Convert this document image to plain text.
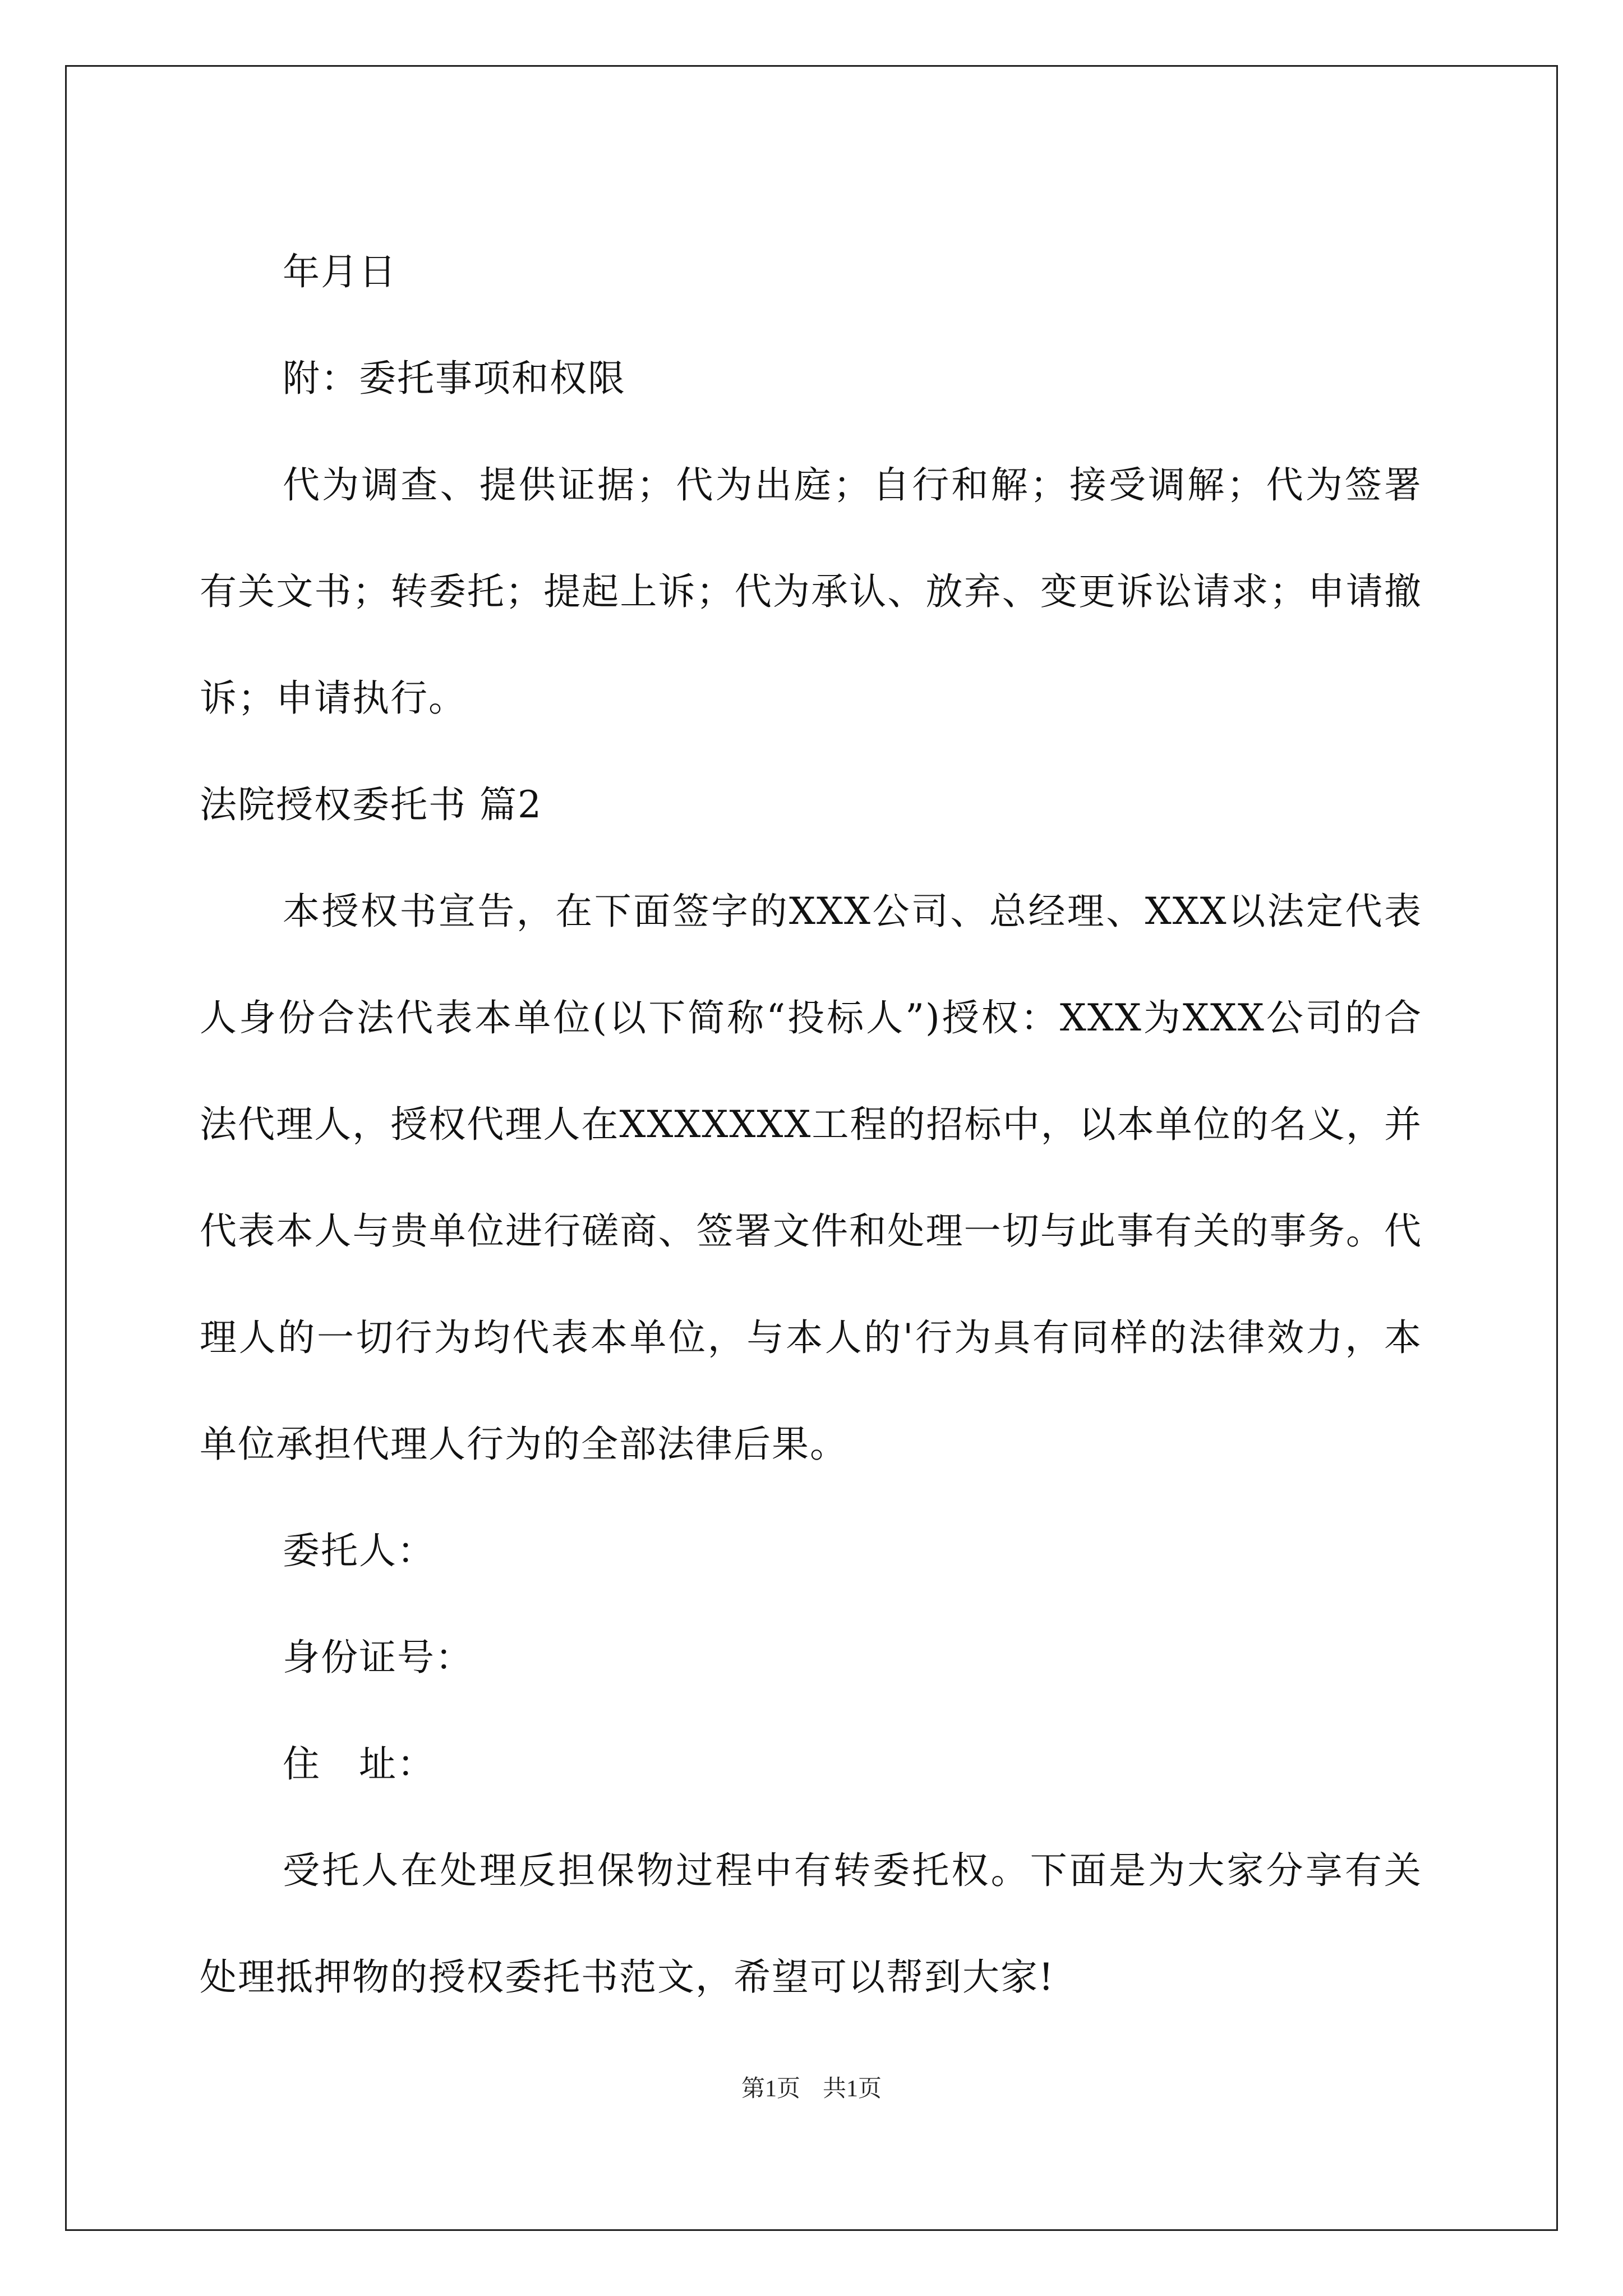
年月日

附：委托事项和权限

代为调查、提供证据；代为出庭；自行和解；接受调解；代为签署有关文书；转委托；提起上诉；代为承认、放弃、变更诉讼请求；申请撤诉；申请执行。

法院授权委托书 篇2

本授权书宣告，在下面签字的XXX公司、总经理、XXX以法定代表人身份合法代表本单位(以下简称“投标人”)授权：XXX为XXX公司的合法代理人，授权代理人在XXXXXXX工程的招标中，以本单位的名义，并代表本人与贵单位进行磋商、签署文件和处理一切与此事有关的事务。代理人的一切行为均代表本单位，与本人的'行为具有同样的法律效力，本单位承担代理人行为的全部法律后果。

委托人：

身份证号：

住　址：

受托人在处理反担保物过程中有转委托权。下面是为大家分享有关处理抵押物的授权委托书范文，希望可以帮到大家!

第1页 共1页
